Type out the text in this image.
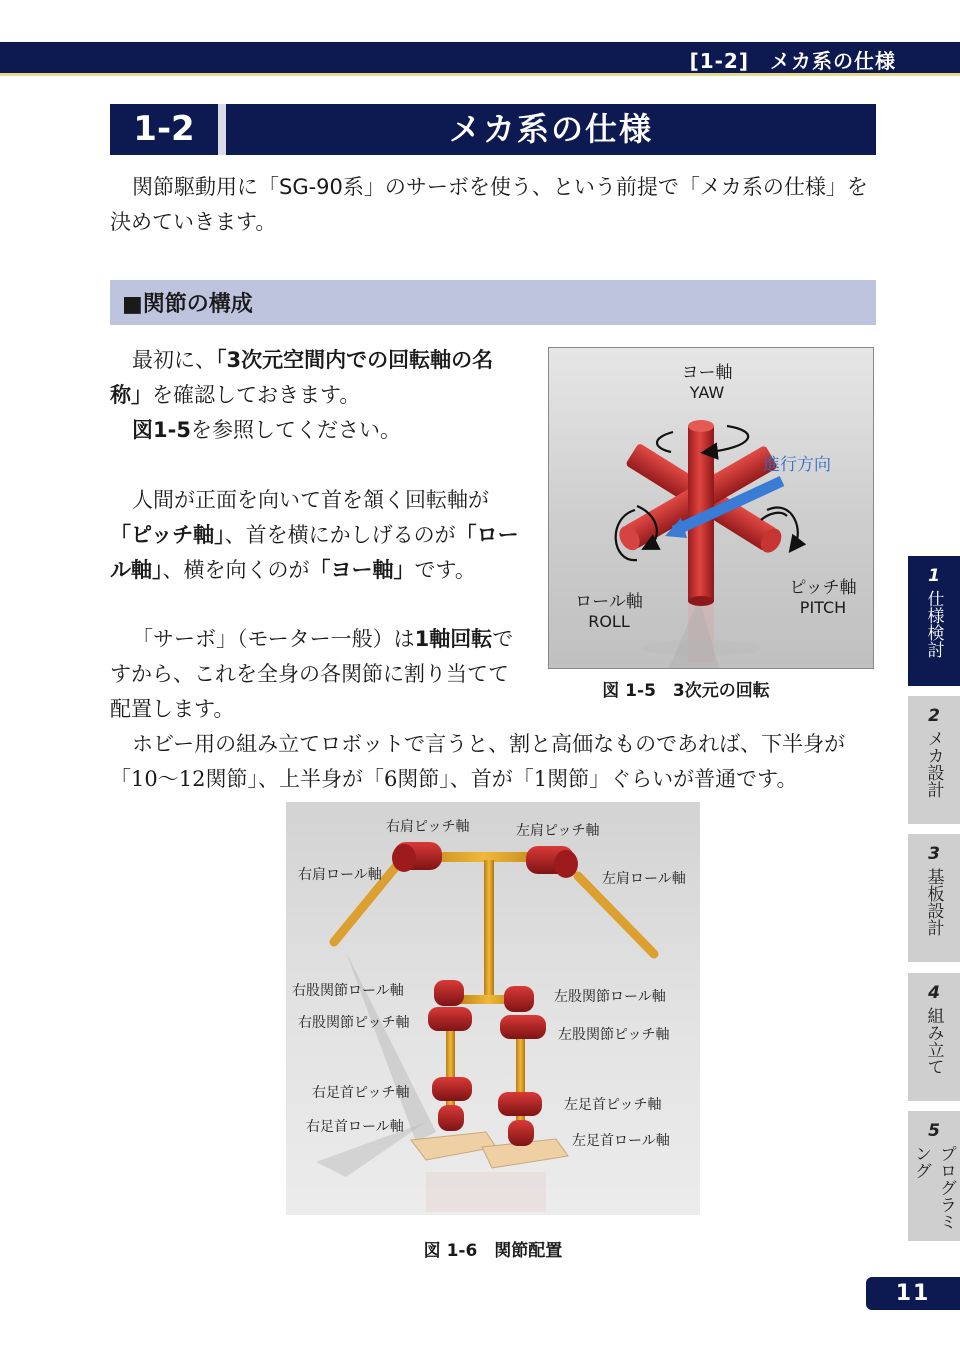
[1-2]　メカ系の仕様
1-2	メカ系の仕様

関節駆動用に「SG-90系」のサーボを使う、という前提で「メカ系の仕様」を決めていきます。

■関節の構成

最初に、「3次元空間内での回転軸の名称」を確認しておきます。
図1-5を参照してください。

人間が正面を向いて首を頷く回転軸が「ピッチ軸」、首を横にかしげるのが「ロール軸」、横を向くのが「ヨー軸」です。

「サーボ」（モーター一般）は1軸回転ですから、これを全身の各関節に割り当てて配置します。

ホビー用の組み立てロボットで言うと、割と高価なものであれば、下半身が「10〜12関節」、上半身が「6関節」、首が「1関節」ぐらいが普通です。

ヨー軸
YAW
進行方向
ロール軸
ROLL
ピッチ軸
PITCH
図 1-5　3次元の回転
右肩ピッチ軸	左肩ピッチ軸
右肩ロール軸	左肩ロール軸
右股関節ロール軸	左股関節ロール軸
右股関節ピッチ軸
左股関節ピッチ軸
右足首ピッチ軸
左足首ピッチ軸
右足首ロール軸
左足首ロール軸
図 1-6　関節配置
1
仕様検討
2
メカ設計
3
基板設計
4
組み立て
5
プログラミング
11
